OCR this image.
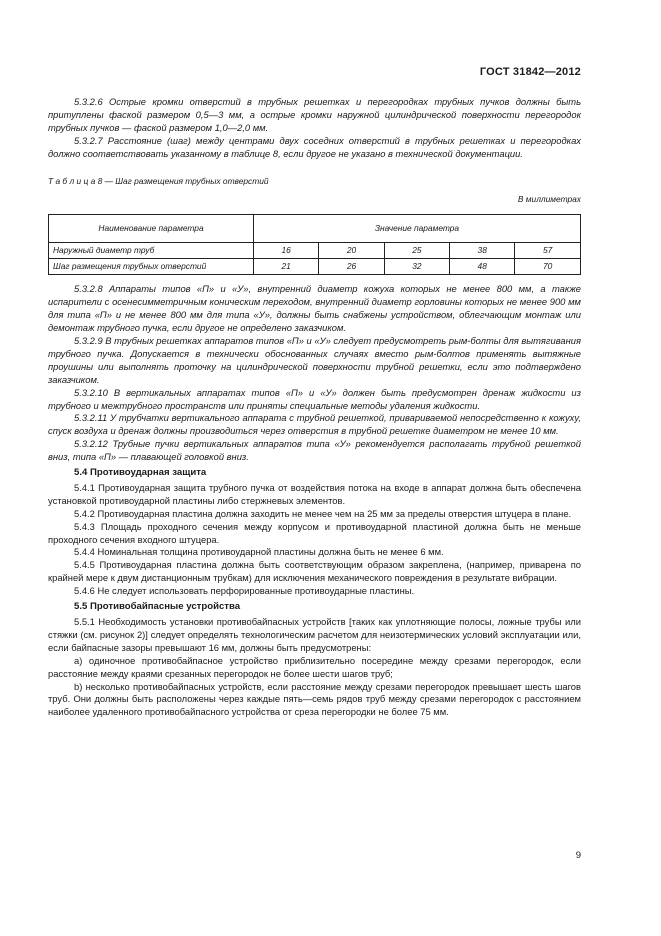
ГОСТ 31842—2012

5.3.2.6 Острые кромки отверстий в трубных решетках и перегородках трубных пучков должны быть притуплены фаской размером 0,5—3 мм, а острые кромки наружной цилиндрической поверхности перегородок трубных пучков — фаской размером 1,0—2,0 мм.

5.3.2.7 Расстояние (шаг) между центрами двух соседних отверстий в трубных решетках и перегородках должно соответствовать указанному в таблице 8, если другое не указано в технической документации.

Т а б л и ц а 8 — Шаг размещения трубных отверстий
В миллиметрах
Наименование параметра	Значение параметра				
Наружный диаметр труб	16	20	25	38	57
Шаг размещения трубных отверстий	21	26	32	48	70

5.3.2.8 Аппараты типов «П» и «У», внутренний диаметр кожуха которых не менее 800 мм, а также испарители с осенесимметричным коническим переходом, внутренний диаметр горловины которых не менее 900 мм для типа «П» и не менее 800 мм для типа «У», должны быть снабжены устройством, облегчающим монтаж или демонтаж трубного пучка, если другое не определено заказчиком.

5.3.2.9 В трубных решетках аппаратов типов «П» и «У» следует предусмотреть рым-болты для вытягивания трубного пучка. Допускается в технически обоснованных случаях вместо рым-болтов применять вытяжные проушины или выполнять проточку на цилиндрической поверхности трубной решетки, если это подтверждено заказчиком.

5.3.2.10 В вертикальных аппаратах типов «П» и «У» должен быть предусмотрен дренаж жидкости из трубного и межтрубного пространств или приняты специальные методы удаления жидкости.

5.3.2.11 У трубчатки вертикального аппарата с трубной решеткой, привариваемой непосредственно к кожуху, спуск воздуха и дренаж должны производиться через отверстия в трубной решетке диаметром не менее 10 мм.

5.3.2.12 Трубные пучки вертикальных аппаратов типа «У» рекомендуется располагать трубной решеткой вниз, типа «П» — плавающей головкой вниз.

5.4 Противоударная защита

5.4.1 Противоударная защита трубного пучка от воздействия потока на входе в аппарат должна быть обеспечена установкой противоударной пластины либо стержневых элементов.

5.4.2 Противоударная пластина должна заходить не менее чем на 25 мм за пределы отверстия штуцера в плане.

5.4.3 Площадь проходного сечения между корпусом и противоударной пластиной должна быть не меньше проходного сечения входного штуцера.

5.4.4 Номинальная толщина противоударной пластины должна быть не менее 6 мм.

5.4.5 Противоударная пластина должна быть соответствующим образом закреплена, (например, приварена по крайней мере к двум дистанционным трубкам) для исключения механического повреждения в результате вибрации.

5.4.6 Не следует использовать перфорированные противоударные пластины.

5.5 Противобайпасные устройства

5.5.1 Необходимость установки противобайпасных устройств [таких как уплотняющие полосы, ложные трубы или стяжки (см. рисунок 2)] следует определять технологическим расчетом для неизотермических условий эксплуатации или, если байпасные зазоры превышают 16 мм, должны быть предусмотрены:

а) одиночное противобайпасное устройство приблизительно посередине между срезами перегородок, если расстояние между краями срезанных перегородок не более шести шагов труб;

b) несколько противобайпасных устройств, если расстояние между срезами перегородок превышает шесть шагов труб. Они должны быть расположены через каждые пять—семь рядов труб между срезами перегородок с расстоянием наиболее удаленного противобайпасного устройства от среза перегородки не более 75 мм.

9
